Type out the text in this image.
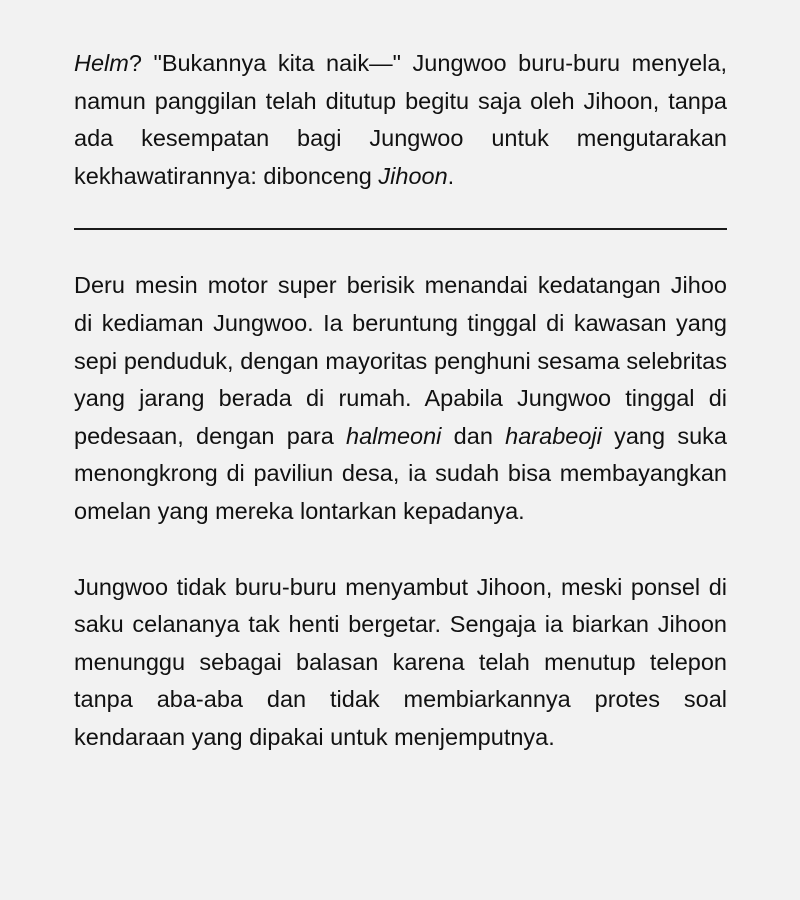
Helm? "Bukannya kita naik—" Jungwoo buru-buru menyela, namun panggilan telah ditutup begitu saja oleh Jihoon, tanpa ada kesempatan bagi Jungwoo untuk mengutarakan kekhawatirannya: dibonceng Jihoon.

Deru mesin motor super berisik menandai kedatangan Jihoo di kediaman Jungwoo. Ia beruntung tinggal di kawasan yang sepi penduduk, dengan mayoritas penghuni sesama selebritas yang jarang berada di rumah. Apabila Jungwoo tinggal di pedesaan, dengan para halmeoni dan harabeoji yang suka menongkrong di paviliun desa, ia sudah bisa membayangkan omelan yang mereka lontarkan kepadanya.

Jungwoo tidak buru-buru menyambut Jihoon, meski ponsel di saku celananya tak henti bergetar. Sengaja ia biarkan Jihoon menunggu sebagai balasan karena telah menutup telepon tanpa aba-aba dan tidak membiarkannya protes soal kendaraan yang dipakai untuk menjemputnya.
